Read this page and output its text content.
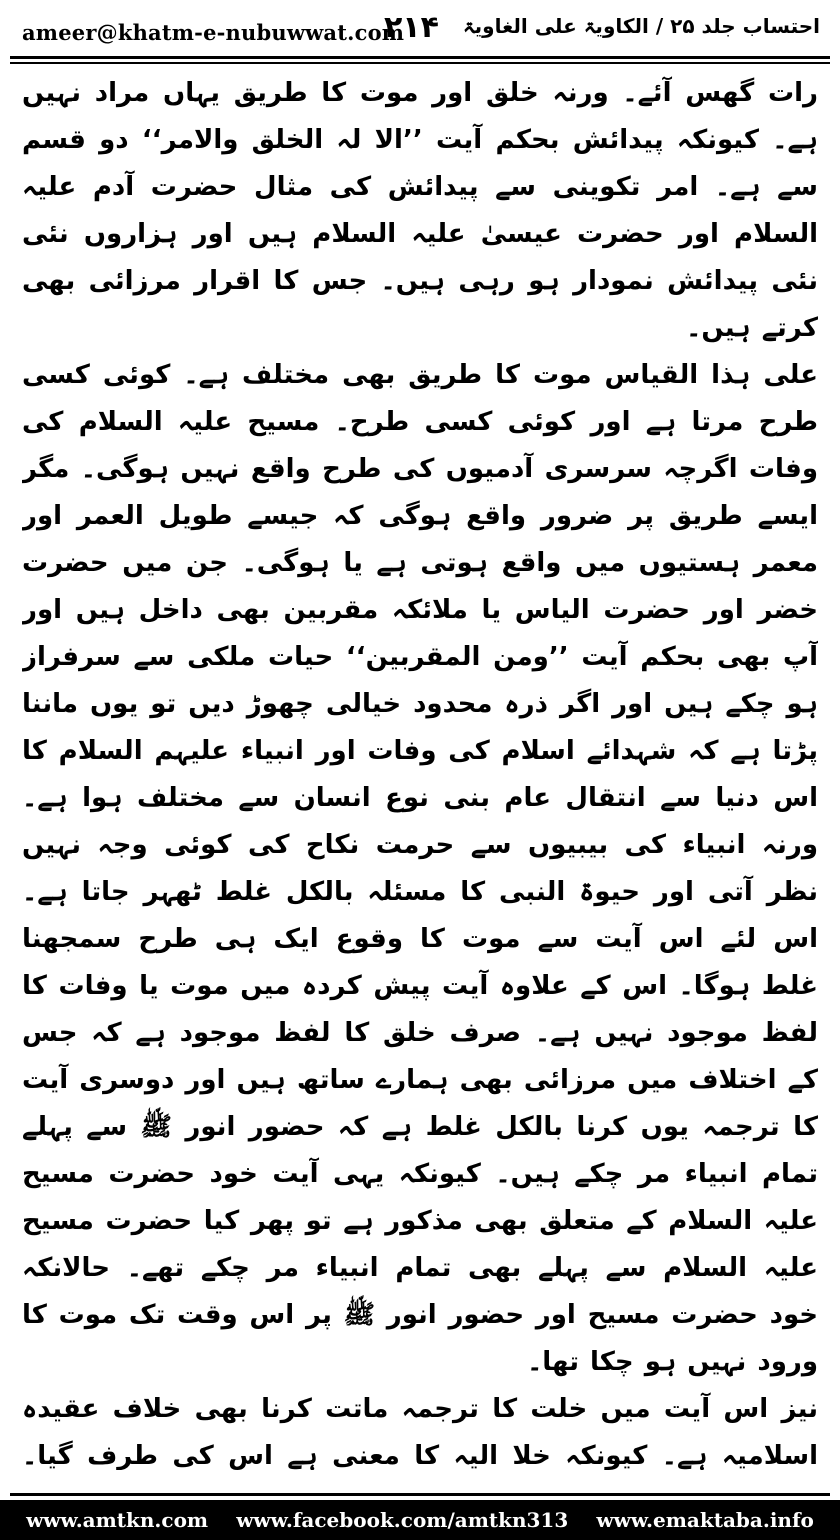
ameer@khatm-e-nubuwwat.com
۲۱۴ احتساب جلد ۲۵ / الکاویۃ علی الغاویۃ

رات گھس آئے۔ ورنہ خلق اور موت کا طریق یہاں مراد نہیں ہے۔ کیونکہ پیدائش بحکم آیت ’’الا لہ الخلق والامر‘‘ دو قسم سے ہے۔ امر تکوینی سے پیدائش کی مثال حضرت آدم علیہ السلام اور حضرت عیسیٰ علیہ السلام ہیں اور ہزاروں نئی نئی پیدائش نمودار ہو رہی ہیں۔ جس کا اقرار مرزائی بھی کرتے ہیں۔

علی ہذا القیاس موت کا طریق بھی مختلف ہے۔ کوئی کسی طرح مرتا ہے اور کوئی کسی طرح۔ مسیح علیہ السلام کی وفات اگرچہ سرسری آدمیوں کی طرح واقع نہیں ہوگی۔ مگر ایسے طریق پر ضرور واقع ہوگی کہ جیسے طویل العمر اور معمر ہستیوں میں واقع ہوتی ہے یا ہوگی۔ جن میں حضرت خضر اور حضرت الیاس یا ملائکہ مقربین بھی داخل ہیں اور آپ بھی بحکم آیت ’’ومن المقربین‘‘ حیات ملکی سے سرفراز ہو چکے ہیں اور اگر ذرہ محدود خیالی چھوڑ دیں تو یوں ماننا پڑتا ہے کہ شہدائے اسلام کی وفات اور انبیاء علیہم السلام کا اس دنیا سے انتقال عام بنی نوع انسان سے مختلف ہوا ہے۔ ورنہ انبیاء کی بیبیوں سے حرمت نکاح کی کوئی وجہ نہیں نظر آتی اور حیوۃ النبی کا مسئلہ بالکل غلط ٹھہر جاتا ہے۔ اس لئے اس آیت سے موت کا وقوع ایک ہی طرح سمجھنا غلط ہوگا۔ اس کے علاوہ آیت پیش کردہ میں موت یا وفات کا لفظ موجود نہیں ہے۔ صرف خلق کا لفظ موجود ہے کہ جس کے اختلاف میں مرزائی بھی ہمارے ساتھ ہیں اور دوسری آیت کا ترجمہ یوں کرنا بالکل غلط ہے کہ حضور انور ﷺ سے پہلے تمام انبیاء مر چکے ہیں۔ کیونکہ یہی آیت خود حضرت مسیح علیہ السلام کے متعلق بھی مذکور ہے تو پھر کیا حضرت مسیح علیہ السلام سے پہلے بھی تمام انبیاء مر چکے تھے۔ حالانکہ خود حضرت مسیح اور حضور انور ﷺ پر اس وقت تک موت کا ورود نہیں ہو چکا تھا۔

نیز اس آیت میں خلت کا ترجمہ ماتت کرنا بھی خلاف عقیدہ اسلامیہ ہے۔ کیونکہ خلا الیہ کا معنی ہے اس کی طرف گیا۔

www.amtkn.com www.facebook.com/amtkn313 www.emaktaba.info
